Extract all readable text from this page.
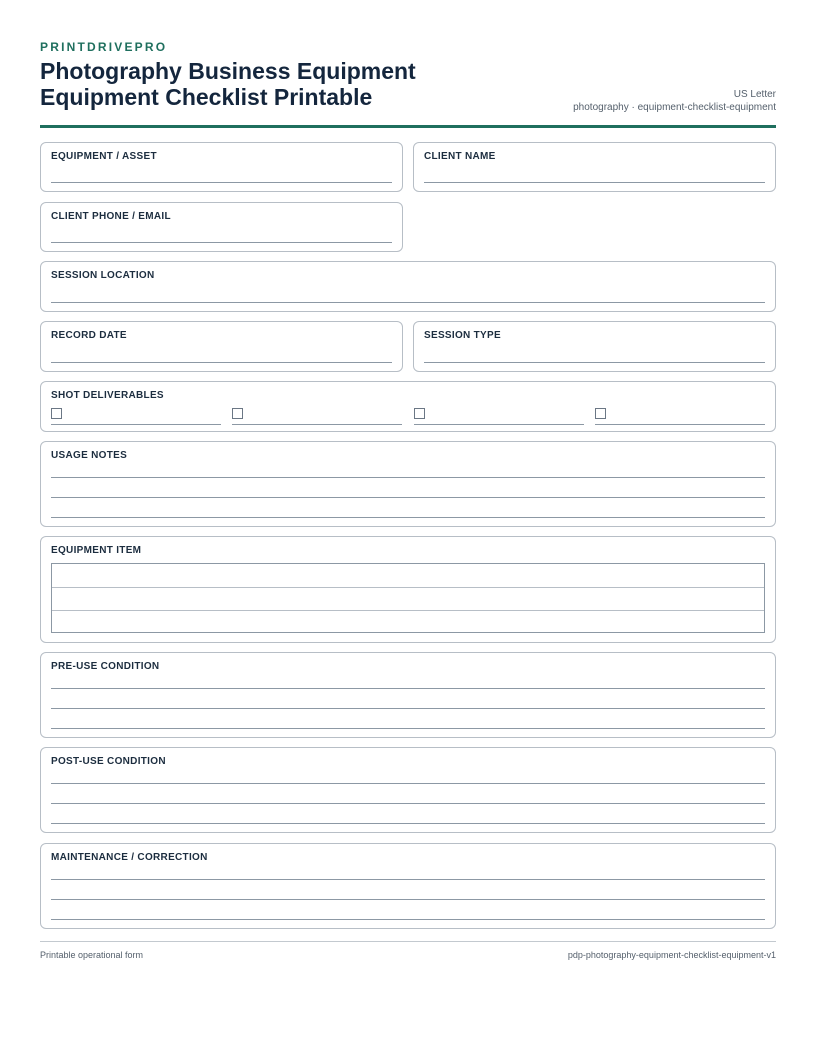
PRINTDRIVEPRO
Photography Business Equipment
Equipment Checklist Printable	US Letter
photography · equipment-checklist-equipment
EQUIPMENT / ASSET	CLIENT NAME
CLIENT PHONE / EMAIL
SESSION LOCATION
RECORD DATE	SESSION TYPE
SHOT DELIVERABLES
USAGE NOTES
EQUIPMENT ITEM
PRE-USE CONDITION
POST-USE CONDITION
MAINTENANCE / CORRECTION
Printable operational form	pdp-photography-equipment-checklist-equipment-v1
